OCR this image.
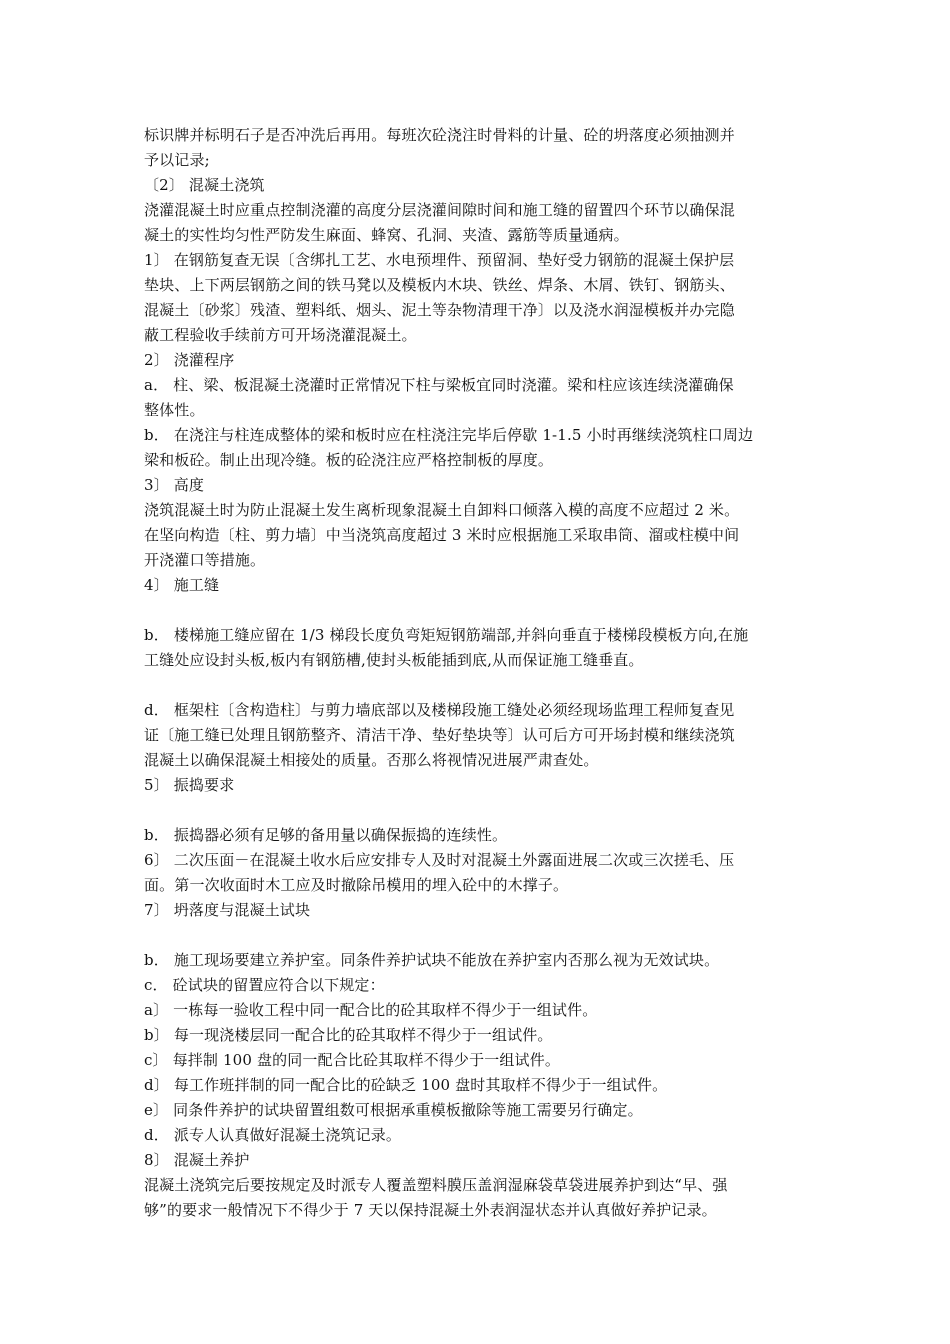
标识牌并标明石子是否冲洗后再用。每班次砼浇注时骨料的计量、砼的坍落度必须抽测并
予以记录;
〔2〕 混凝土浇筑
浇灌混凝土时应重点控制浇灌的高度分层浇灌间隙时间和施工缝的留置四个环节以确保混
凝土的实性均匀性严防发生麻面、蜂窝、孔洞、夹渣、露筋等质量通病。
1〕 在钢筋复查无误〔含绑扎工艺、水电预埋件、预留洞、垫好受力钢筋的混凝土保护层
垫块、上下两层钢筋之间的铁马凳以及模板内木块、铁丝、焊条、木屑、铁钉、钢筋头、
混凝土〔砂浆〕残渣、塑料纸、烟头、泥土等杂物清理干净〕以及浇水润湿模板并办完隐
蔽工程验收手续前方可开场浇灌混凝土。
2〕 浇灌程序
a． 柱、梁、板混凝土浇灌时正常情况下柱与梁板宜同时浇灌。梁和柱应该连续浇灌确保
整体性。
b． 在浇注与柱连成整体的梁和板时应在柱浇注完毕后停歇 1-1.5 小时再继续浇筑柱口周边
梁和板砼。制止出现冷缝。板的砼浇注应严格控制板的厚度。
3〕 高度
浇筑混凝土时为防止混凝土发生离析现象混凝土自卸料口倾落入模的高度不应超过 2 米。
在坚向构造〔柱、剪力墙〕中当浇筑高度超过 3 米时应根据施工采取串筒、溜或柱模中间
开浇灌口等措施。
4〕 施工缝
b． 楼梯施工缝应留在 1/3 梯段长度负弯矩短钢筋端部,并斜向垂直于楼梯段模板方向,在施
工缝处应设封头板,板内有钢筋槽,使封头板能插到底,从而保证施工缝垂直。
d． 框架柱〔含构造柱〕与剪力墙底部以及楼梯段施工缝处必须经现场监理工程师复查见
证〔施工缝已处理且钢筋整齐、清洁干净、垫好垫块等〕认可后方可开场封模和继续浇筑
混凝土以确保混凝土相接处的质量。否那么将视情况进展严肃查处。
5〕 振捣要求
b． 振捣器必须有足够的备用量以确保振捣的连续性。
6〕 二次压面－在混凝土收水后应安排专人及时对混凝土外露面进展二次或三次搓毛、压
面。第一次收面时木工应及时撤除吊模用的埋入砼中的木撑子。
7〕 坍落度与混凝土试块
b． 施工现场要建立养护室。同条件养护试块不能放在养护室内否那么视为无效试块。
c． 砼试块的留置应符合以下规定：
a〕 一栋每一验收工程中同一配合比的砼其取样不得少于一组试件。
b〕 每一现浇楼层同一配合比的砼其取样不得少于一组试件。
c〕 每拌制 100 盘的同一配合比砼其取样不得少于一组试件。
d〕 每工作班拌制的同一配合比的砼缺乏 100 盘时其取样不得少于一组试件。
e〕 同条件养护的试块留置组数可根据承重模板撤除等施工需要另行确定。
d． 派专人认真做好混凝土浇筑记录。
8〕 混凝土养护
混凝土浇筑完后要按规定及时派专人覆盖塑料膜压盖润湿麻袋草袋进展养护到达“早、强
够”的要求一般情况下不得少于 7 天以保持混凝土外表润湿状态并认真做好养护记录。
